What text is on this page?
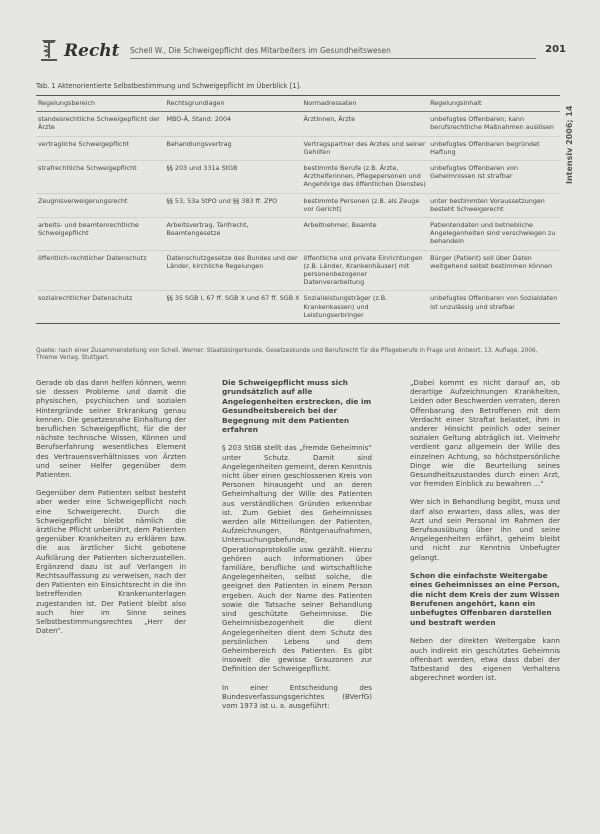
Recht Schell W., Die Schweigepflicht des Mitarbeiters im Gesundheitswesen	201
Intensiv 2006; 14
Tab. 1 Aktenorientierte Selbstbestimmung und Schweigepflicht im Überblick [1].
Regelungsbereich	Rechtsgrundlagen	Normadressaten	Regelungsinhalt
standesrechtliche Schweigepflicht der Ärzte	MBO-Ä, Stand: 2004	Ärztinnen, Ärzte	unbefugtes Offenbaren; kann berufsrechtliche Maßnahmen auslösen
vertragliche Schweigepflicht	Behandlungsvertrag	Vertragspartner des Arztes und seiner Gehilfen	unbefugtes Offenbaren begründet Haftung
strafrechtliche Schweigepflicht	§§ 203 und 331a StGB	bestimmte Berufe (z.B. Ärzte, Arzthelferinnen, Pflegepersonen und Angehörige des öffentlichen Dienstes)	unbefugtes Offenbaren von Geheimnissen ist strafbar
Zeugnisverweigerungsrecht	§§ 53, 53a StPO und §§ 383 ff. ZPO	bestimmte Personen (z.B. als Zeuge vor Gericht)	unter bestimmten Voraussetzungen besteht Schweigerecht
arbeits- und beamtenrechtliche Schweigepflicht	Arbeitsvertrag, Tarifrecht, Beamtengesetze	Arbeitnehmer, Beamte	Patientendaten und betriebliche Angelegenheiten sind verschwiegen zu behandeln
öffentlich-rechtlicher Datenschutz	Datenschutzgesetze des Bundes und der Länder, kirchliche Regelungen	öffentliche und private Einrichtungen (z.B. Länder, Krankenhäuser) mit personenbezogener Datenverarbeitung	Bürger (Patient) soll über Daten weitgehend selbst bestimmen können
sozialrechtlicher Datenschutz	§§ 35 SGB I, 67 ff. SGB X und 67 ff. SGB X	Sozialleistungsträger (z.B. Krankenkassen) und Leistungserbringer	unbefugtes Offenbaren von Sozialdaten ist unzulässig und strafbar
Quelle: nach einer Zusammenstellung von Schell, Werner: Staatsbürgerkunde, Gesetzeskunde und Berufsrecht für die Pflegeberufe in Frage und Antwort, 13. Auflage, 2006, Thieme Verlag, Stuttgart.

Gerade ob das dann helfen können, wenn sie dessen Probleme und damit die physischen, psychischen und sozialen Hintergründe seiner Erkrankung genau kennen. Die gesetzesnahe Einhaltung der beruflichen Schweigepflicht, für die der nächste technische Wissen, Können und Berufserfahrung wesentliches Element des Vertrauensverhältnisses von Ärzten und seiner Helfer gegenüber dem Patienten.

Gegenüber dem Patienten selbst besteht aber weder eine Schweigepflicht noch eine Schweigerecht. Durch die Schweigepflicht bleibt nämlich die ärztliche Pflicht unberührt, dem Patienten gegenüber Krankheiten zu erklären bzw. die aus ärztlicher Sicht gebotene Aufklärung der Patienten sicherzustellen. Ergänzend dazu ist auf Verlangen in Rechtsauffassung zu verweisen, nach der den Patienten ein Einsichtsrecht in die ihn betreffenden Krankenunterlagen zugestanden ist. Der Patient bleibt also auch hier im Sinne seines Selbstbestimmungsrechtes „Herr der Daten“.

Die Schweigepflicht muss sich grundsätzlich auf alle Angelegenheiten erstrecken, die im Gesundheitsbereich bei der Begegnung mit dem Patienten erfahren

§ 203 StGB stellt das „fremde Geheimnis“ unter Schutz. Damit sind Angelegenheiten gemeint, deren Kenntnis nicht über einen geschlossenen Kreis von Personen hinausgeht und an deren Geheimhaltung der Wille des Patienten aus verständlichen Gründen erkennbar ist. Zum Gebiet des Geheimnisses werden alle Mitteilungen der Patienten, Aufzeichnungen, Röntgenaufnahmen, Untersuchungsbefunde, Operationsprotokolle usw. gezählt. Hierzu gehören auch Informationen über familiäre, berufliche und wirtschaftliche Angelegenheiten, selbst solche, die geeignet den Patienten in einem Person ergeben. Auch der Name des Patienten sowie die Tatsache seiner Behandlung sind geschützte Geheimnisse. Die Geheimnisbezogenheit die dient Angelegenheiten dient dem Schutz des persönlichen Lebens und dem Geheimbereich des Patienten. Es gibt insoweit die gewisse Grauzonen zur Definition der Schweigepflicht.

In einer Entscheidung des Bundesverfassungsgerichtes (BVerfG) vom 1973 ist u. a. ausgeführt:

„Dabei kommt es nicht darauf an, ob derartige Aufzeichnungen Krankheiten, Leiden oder Beschwerden verraten, deren Offenbarung den Betroffenen mit dem Verdacht einer Straftat belastet, ihm in anderer Hinsicht peinlich oder seiner sozialen Geltung abträglich ist. Vielmehr verdient ganz allgemein der Wille des einzelnen Achtung, so höchstpersönliche Dinge wie die Beurteilung seines Gesundheitszustandes durch einen Arzt, vor fremden Einblick zu bewahren ...“

Wer sich in Behandlung begibt, muss und darf also erwarten, dass alles, was der Arzt und sein Personal im Rahmen der Berufsausübung über ihn und seine Angelegenheiten erfährt, geheim bleibt und nicht zur Kenntnis Unbefugter gelangt.

Schon die einfachste Weitergabe eines Geheimnisses an eine Person, die nicht dem Kreis der zum Wissen Berufenen angehört, kann ein unbefugtes Offenbaren darstellen und bestraft werden

Neben der direkten Weitergabe kann auch indirekt ein geschütztes Geheimnis offenbart werden, etwa dass dabei der Tatbestand des eigenen Verhaltens abgerechnet worden ist.
